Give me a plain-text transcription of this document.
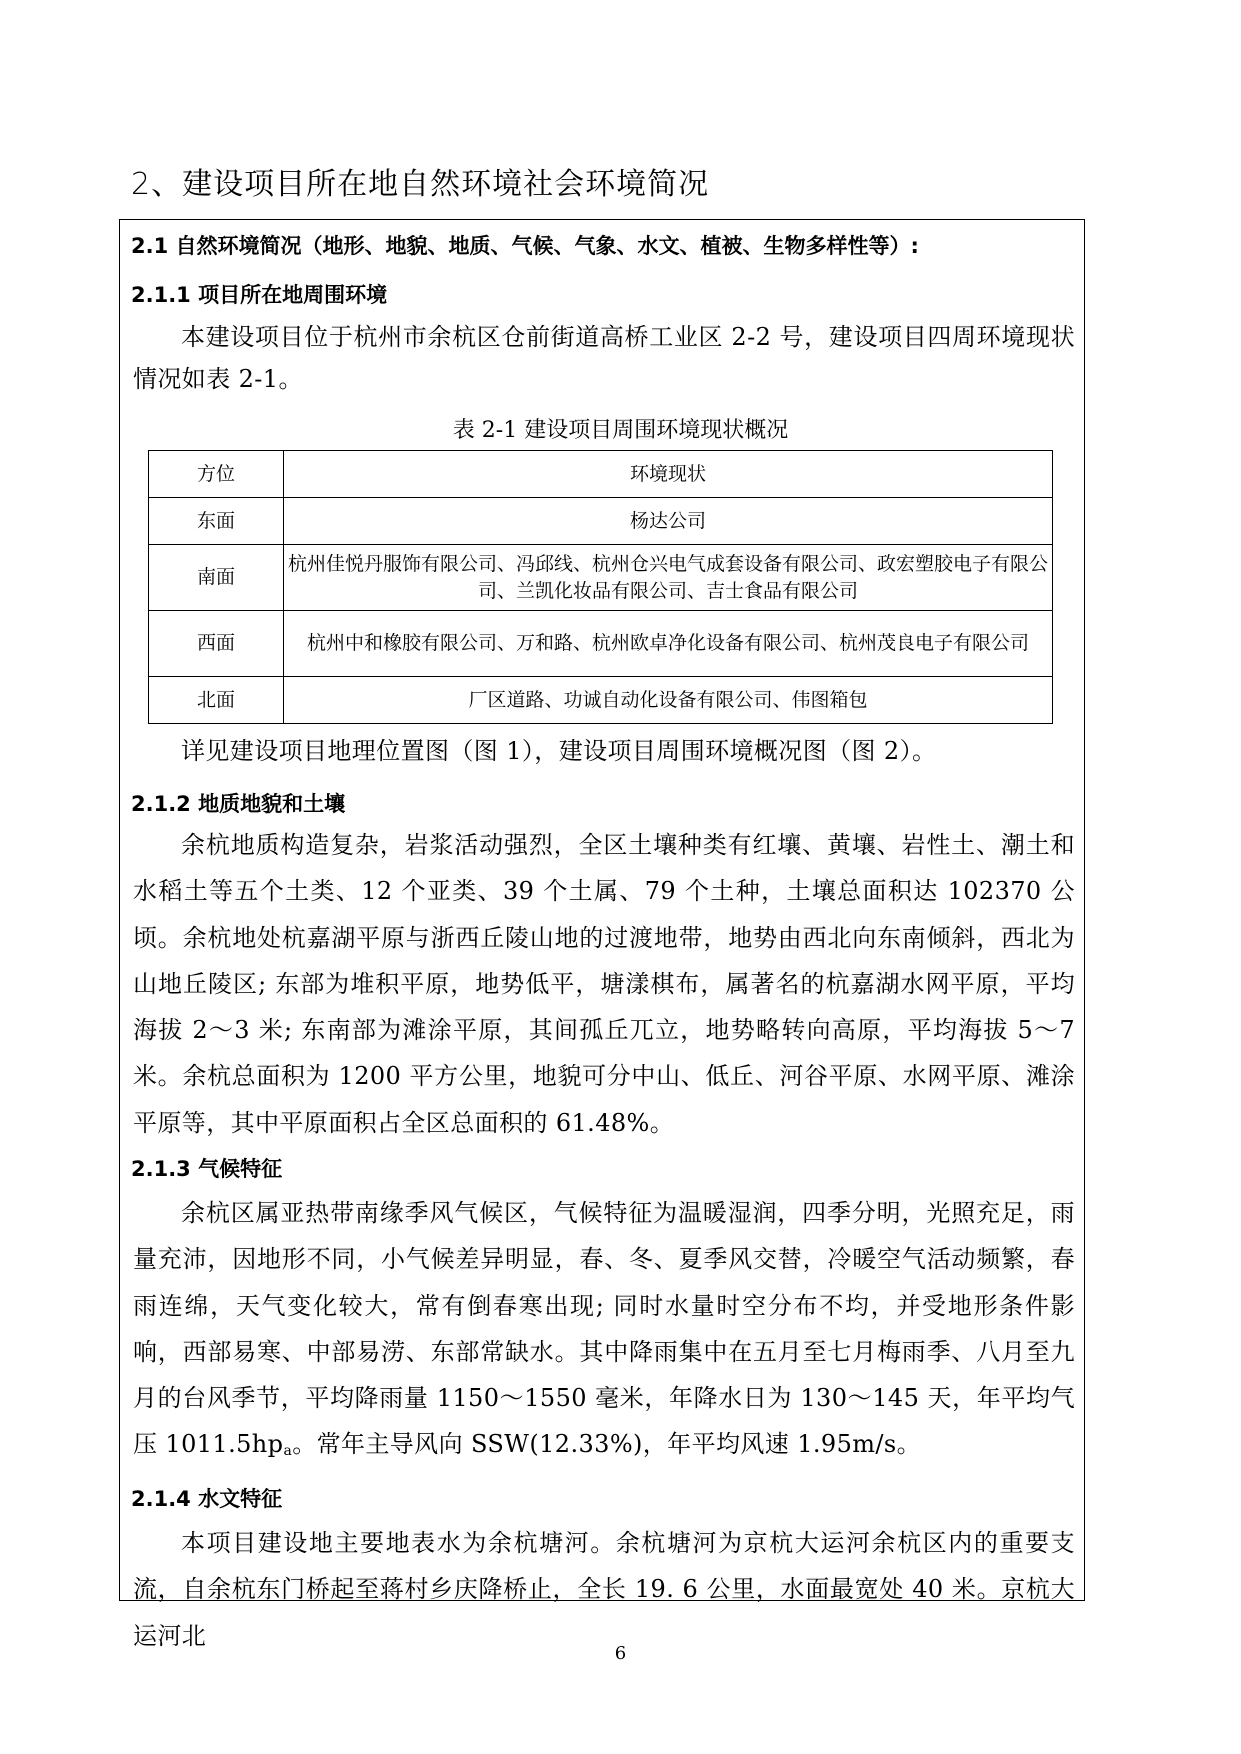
2、建设项目所在地自然环境社会环境简况
2.1 自然环境简况（地形、地貌、地质、气候、气象、水文、植被、生物多样性等）:
2.1.1 项目所在地周围环境
本建设项目位于杭州市余杭区仓前街道高桥工业区 2-2 号，建设项目四周环境现状情况如表 2-1。
表 2-1 建设项目周围环境现状概况
方位	环境现状
东面	杨达公司
南面	杭州佳悦丹服饰有限公司、冯邱线、杭州仓兴电气成套设备有限公司、政宏塑胶电子有限公司、兰凯化妆品有限公司、吉士食品有限公司
西面	杭州中和橡胶有限公司、万和路、杭州欧卓净化设备有限公司、杭州茂良电子有限公司
北面	厂区道路、功诚自动化设备有限公司、伟图箱包
详见建设项目地理位置图（图 1），建设项目周围环境概况图（图 2）。
2.1.2 地质地貌和土壤
余杭地质构造复杂，岩浆活动强烈，全区土壤种类有红壤、黄壤、岩性土、潮土和水稻土等五个土类、12 个亚类、39 个土属、79 个土种，土壤总面积达 102370 公顷。余杭地处杭嘉湖平原与浙西丘陵山地的过渡地带，地势由西北向东南倾斜，西北为山地丘陵区; 东部为堆积平原，地势低平，塘漾棋布，属著名的杭嘉湖水网平原，平均海拔 2～3 米; 东南部为滩涂平原，其间孤丘兀立，地势略转向高原，平均海拔 5～7 米。余杭总面积为 1200 平方公里，地貌可分中山、低丘、河谷平原、水网平原、滩涂平原等，其中平原面积占全区总面积的 61.48%。
2.1.3 气候特征
余杭区属亚热带南缘季风气候区，气候特征为温暖湿润，四季分明，光照充足，雨量充沛，因地形不同，小气候差异明显，春、冬、夏季风交替，冷暖空气活动频繁，春雨连绵，天气变化较大，常有倒春寒出现; 同时水量时空分布不均，并受地形条件影响，西部易寒、中部易涝、东部常缺水。其中降雨集中在五月至七月梅雨季、八月至九月的台风季节，平均降雨量 1150～1550 毫米，年降水日为 130～145 天，年平均气压 $1011.5hp_a$。常年主导风向 SSW(12.33%)，年平均风速 1.95m/s。
2.1.4 水文特征
本项目建设地主要地表水为余杭塘河。余杭塘河为京杭大运河余杭区内的重要支流，自余杭东门桥起至蒋村乡庆降桥止，全长 19. 6 公里，水面最宽处 40 米。京杭大运河北
6
